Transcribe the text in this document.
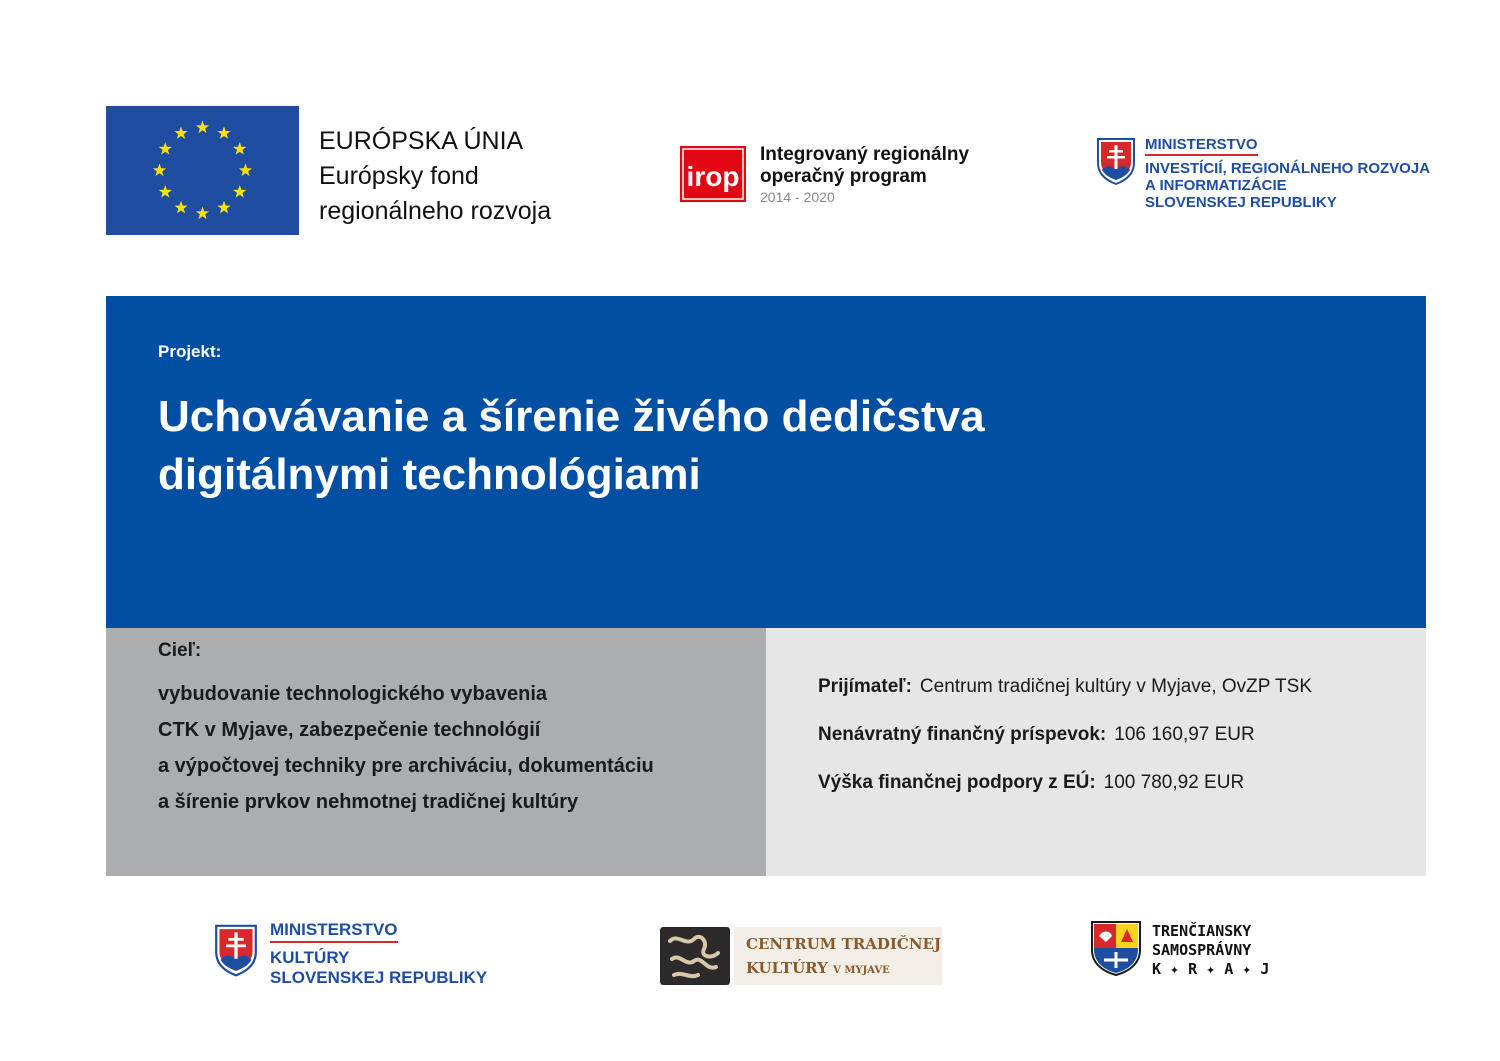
EURÓPSKA ÚNIA
Európsky fond
regionálneho rozvoja
irop
Integrovaný regionálny
operačný program
2014 - 2020
MINISTERSTVO
INVESTÍCIÍ, REGIONÁLNEHO ROZVOJA
A INFORMATIZÁCIE
SLOVENSKEJ REPUBLIKY
Projekt:
Uchovávanie a šírenie živého dedičstva
digitálnymi technológiami
Cieľ:
vybudovanie technologického vybavenia
CTK v Myjave, zabezpečenie technológií
a výpočtovej techniky pre archiváciu, dokumentáciu
a šírenie prvkov nehmotnej tradičnej kultúry
Prijímateľ: Centrum tradičnej kultúry v Myjave, OvZP TSK
Nenávratný finančný príspevok: 106 160,97 EUR
Výška finančnej podpory z EÚ: 100 780,92 EUR
MINISTERSTVO
KULTÚRY
SLOVENSKEJ REPUBLIKY
CENTRUM TRADIČNEJ
KULTÚRY V MYJAVE
TRENČIANSKY
SAMOSPRÁVNY
K ✦ R ✦ A ✦ J
